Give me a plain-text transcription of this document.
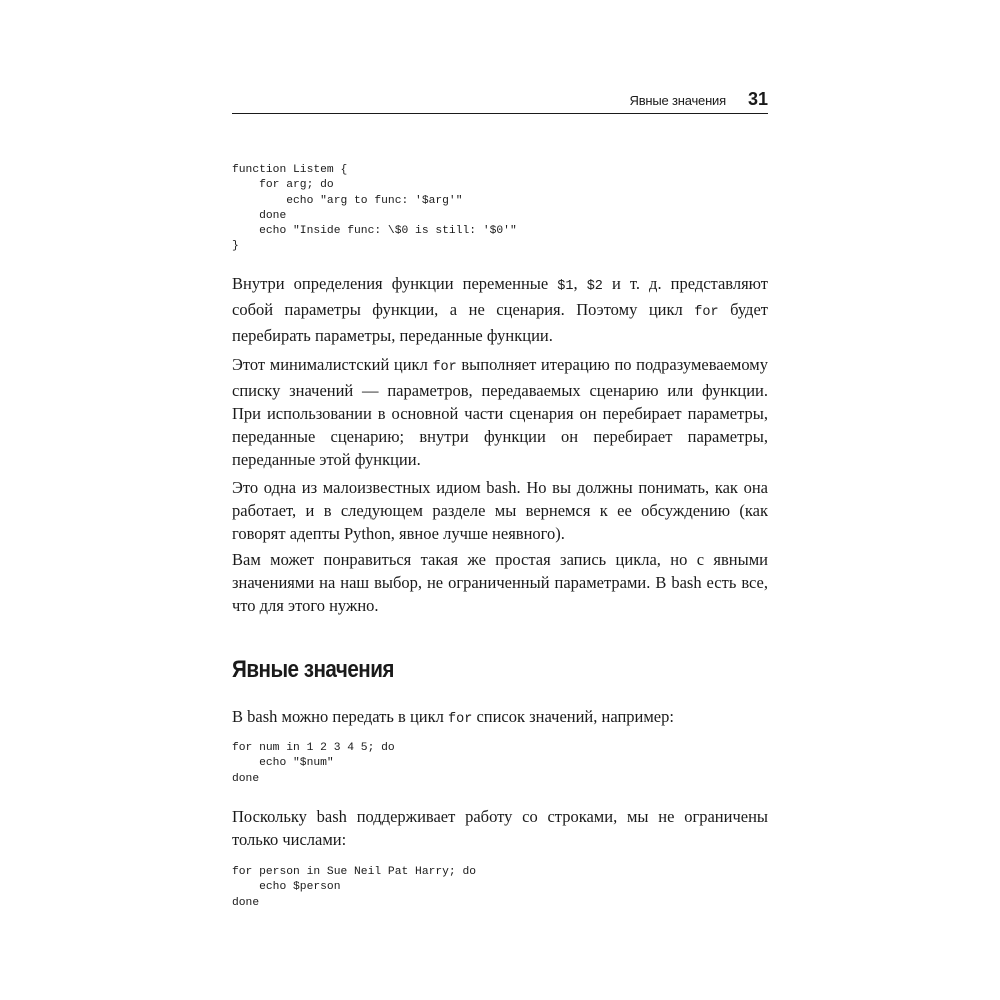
Явные значения 31
function Listem {
for arg; do
echo "arg to func: '$arg'"
done
echo "Inside func: \$0 is still: '$0'"
}

Внутри определения функции переменные $1, $2 и т. д. представляют собой параметры функции, а не сценария. Поэтому цикл for будет перебирать параметры, переданные функции.

Этот минималистский цикл for выполняет итерацию по подразумеваемому списку значений — параметров, передаваемых сценарию или функции. При использовании в основной части сценария он перебирает параметры, переданные сценарию; внутри функции он перебирает параметры, переданные этой функции.

Это одна из малоизвестных идиом bash. Но вы должны понимать, как она работает, и в следующем разделе мы вернемся к ее обсуждению (как говорят адепты Python, явное лучше неявного).

Вам может понравиться такая же простая запись цикла, но с явными значениями на наш выбор, не ограниченный параметрами. В bash есть все, что для этого нужно.

Явные значения

В bash можно передать в цикл for список значений, например:

for num in 1 2 3 4 5; do
echo "$num"
done

Поскольку bash поддерживает работу со строками, мы не ограничены только числами:

for person in Sue Neil Pat Harry; do
echo $person
done
